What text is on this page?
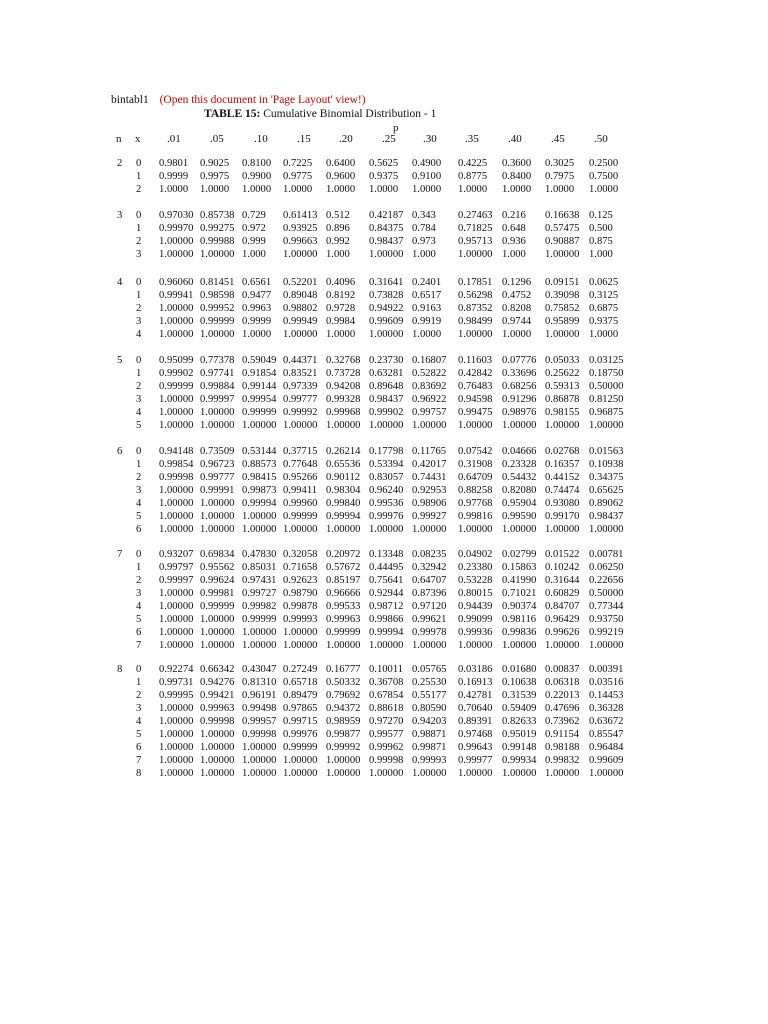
bintabl1 (Open this document in 'Page Layout' view!)
TABLE 15: Cumulative Binomial Distribution - 1
p
n x .01	.05	.10	.15	.20	.25 .30	.35	.40	.45	.50
2 0 0.9801 0.9025 0.8100 0.7225 0.6400 0.5625 0.4900 0.4225 0.3600 0.3025 0.2500
1 0.9999 0.9975 0.9900 0.9775 0.9600 0.9375 0.9100 0.8775 0.8400 0.7975 0.7500
2 1.0000 1.0000 1.0000 1.0000 1.0000 1.0000 1.0000 1.0000 1.0000 1.0000 1.0000
3 0 0.97030 0.85738 0.729 0.61413 0.512 0.42187 0.343 0.27463 0.216 0.16638 0.125
1 0.99970 0.99275 0.972 0.93925 0.896 0.84375 0.784 0.71825 0.648 0.57475 0.500
2 1.00000 0.99988 0.999 0.99663 0.992 0.98437 0.973 0.95713 0.936 0.90887 0.875
3 1.00000 1.00000 1.000 1.00000 1.000 1.00000 1.000 1.00000 1.000 1.00000 1.000
4 0 0.96060 0.81451 0.6561 0.52201 0.4096 0.31641 0.2401 0.17851 0.1296 0.09151 0.0625
1 0.99941 0.98598 0.9477 0.89048 0.8192 0.73828 0.6517 0.56298 0.4752 0.39098 0.3125
2 1.00000 0.99952 0.9963 0.98802 0.9728 0.94922 0.9163 0.87352 0.8208 0.75852 0.6875
3 1.00000 0.99999 0.9999 0.99949 0.9984 0.99609 0.9919 0.98499 0.9744 0.95899 0.9375
4 1.00000 1.00000 1.0000 1.00000 1.0000 1.00000 1.0000 1.00000 1.0000 1.00000 1.0000
5 0 0.95099 0.77378 0.59049 0.44371 0.32768 0.23730 0.16807 0.11603 0.07776 0.05033 0.03125
1 0.99902 0.97741 0.91854 0.83521 0.73728 0.63281 0.52822 0.42842 0.33696 0.25622 0.18750
2 0.99999 0.99884 0.99144 0.97339 0.94208 0.89648 0.83692 0.76483 0.68256 0.59313 0.50000
3 1.00000 0.99997 0.99954 0.99777 0.99328 0.98437 0.96922 0.94598 0.91296 0.86878 0.81250
4 1.00000 1.00000 0.99999 0.99992 0.99968 0.99902 0.99757 0.99475 0.98976 0.98155 0.96875
5 1.00000 1.00000 1.00000 1.00000 1.00000 1.00000 1.00000 1.00000 1.00000 1.00000 1.00000
6 0 0.94148 0.73509 0.53144 0.37715 0.26214 0.17798 0.11765 0.07542 0.04666 0.02768 0.01563
1 0.99854 0.96723 0.88573 0.77648 0.65536 0.53394 0.42017 0.31908 0.23328 0.16357 0.10938
2 0.99998 0.99777 0.98415 0.95266 0.90112 0.83057 0.74431 0.64709 0.54432 0.44152 0.34375
3 1.00000 0.99991 0.99873 0.99411 0.98304 0.96240 0.92953 0.88258 0.82080 0.74474 0.65625
4 1.00000 1.00000 0.99994 0.99960 0.99840 0.99536 0.98906 0.97768 0.95904 0.93080 0.89062
5 1.00000 1.00000 1.00000 0.99999 0.99994 0.99976 0.99927 0.99816 0.99590 0.99170 0.98437
6 1.00000 1.00000 1.00000 1.00000 1.00000 1.00000 1.00000 1.00000 1.00000 1.00000 1.00000
7 0 0.93207 0.69834 0.47830 0.32058 0.20972 0.13348 0.08235 0.04902 0.02799 0.01522 0.00781
1 0.99797 0.95562 0.85031 0.71658 0.57672 0.44495 0.32942 0.23380 0.15863 0.10242 0.06250
2 0.99997 0.99624 0.97431 0.92623 0.85197 0.75641 0.64707 0.53228 0.41990 0.31644 0.22656
3 1.00000 0.99981 0.99727 0.98790 0.96666 0.92944 0.87396 0.80015 0.71021 0.60829 0.50000
4 1.00000 0.99999 0.99982 0.99878 0.99533 0.98712 0.97120 0.94439 0.90374 0.84707 0.77344
5 1.00000 1.00000 0.99999 0.99993 0.99963 0.99866 0.99621 0.99099 0.98116 0.96429 0.93750
6 1.00000 1.00000 1.00000 1.00000 0.99999 0.99994 0.99978 0.99936 0.99836 0.99626 0.99219
7 1.00000 1.00000 1.00000 1.00000 1.00000 1.00000 1.00000 1.00000 1.00000 1.00000 1.00000
8 0 0.92274 0.66342 0.43047 0.27249 0.16777 0.10011 0.05765 0.03186 0.01680 0.00837 0.00391
1 0.99731 0.94276 0.81310 0.65718 0.50332 0.36708 0.25530 0.16913 0.10638 0.06318 0.03516
2 0.99995 0.99421 0.96191 0.89479 0.79692 0.67854 0.55177 0.42781 0.31539 0.22013 0.14453
3 1.00000 0.99963 0.99498 0.97865 0.94372 0.88618 0.80590 0.70640 0.59409 0.47696 0.36328
4 1.00000 0.99998 0.99957 0.99715 0.98959 0.97270 0.94203 0.89391 0.82633 0.73962 0.63672
5 1.00000 1.00000 0.99998 0.99976 0.99877 0.99577 0.98871 0.97468 0.95019 0.91154 0.85547
6 1.00000 1.00000 1.00000 0.99999 0.99992 0.99962 0.99871 0.99643 0.99148 0.98188 0.96484
7 1.00000 1.00000 1.00000 1.00000 1.00000 0.99998 0.99993 0.99977 0.99934 0.99832 0.99609
8 1.00000 1.00000 1.00000 1.00000 1.00000 1.00000 1.00000 1.00000 1.00000 1.00000 1.00000
